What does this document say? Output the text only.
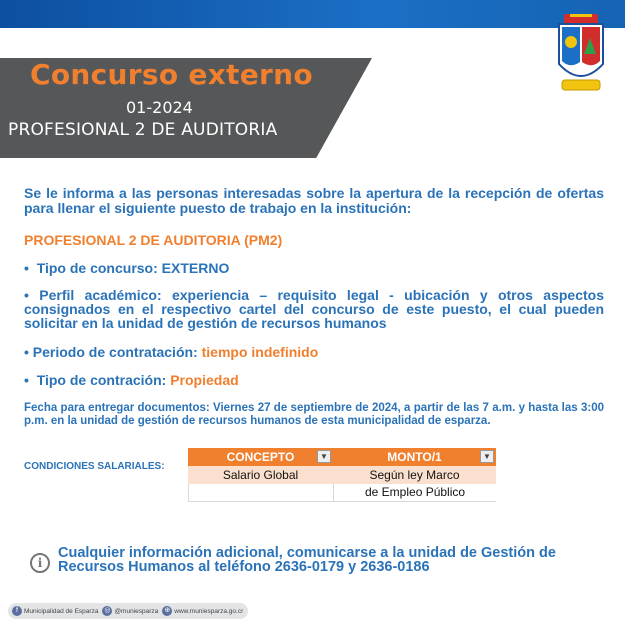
Concurso externo
01-2024
PROFESIONAL 2 DE AUDITORIA
Se le informa a las personas interesadas sobre la apertura de la recepción de ofertas para llenar el siguiente puesto de trabajo en la institución:
PROFESIONAL 2 DE AUDITORIA (PM2)
•  Tipo de concurso: EXTERNO
• Perfil académico: experiencia – requisito legal - ubicación y otros aspectos consignados en el respectivo cartel del concurso de este puesto, el cual pueden solicitar en la unidad de gestión de recursos humanos
• Periodo de contratación: tiempo indefinido
•  Tipo de contración: Propiedad
Fecha para entregar documentos: Viernes 27 de septiembre de 2024, a partir de las 7 a.m. y hasta las 3:00 p.m. en la unidad de gestión de recursos humanos de esta municipalidad de esparza.
CONDICIONES SALARIALES:
CONCEPTO	▼	MONTO/1	▼
Salario Global	Según ley Marco
de Empleo Público
i
Cualquier información adicional, comunicarse a la unidad de Gestión de Recursos Humanos al teléfono 2636-0179 y 2636-0186
f Municipalidad de Esparza ◎ @muniesparza ⊕ www.muniesparza.go.cr
